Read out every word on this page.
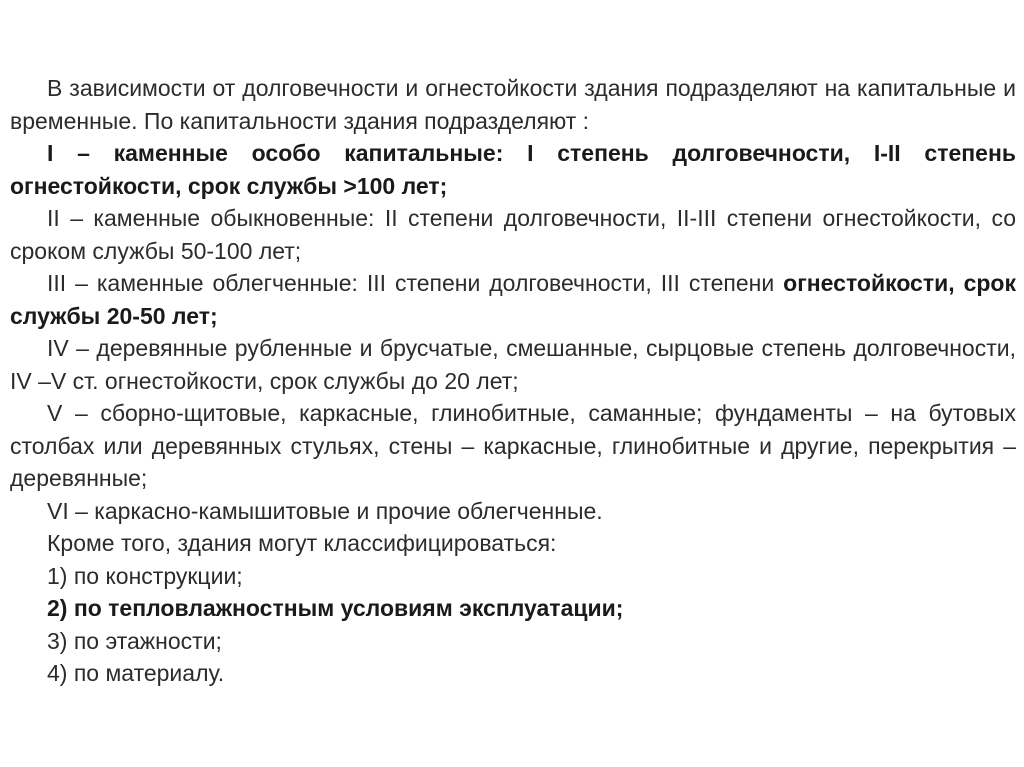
В зависимости от долговечности и огнестойкости здания подразделяют на капитальные и временные. По капитальности здания подразделяют :

I – каменные особо капитальные: I степень долговечности, I-II степень огнестойкости, срок службы >100 лет;

II – каменные обыкновенные: II степени долговечности, II-III степени огнестойкости, со сроком службы 50-100 лет;

III – каменные облегченные: III степени долговечности, III степени огнестойкости, срок службы 20-50 лет;

IV – деревянные рубленные и брусчатые, смешанные, сырцовые степень долговечности, IV –V ст. огнестойкости, срок службы до 20 лет;

V – сборно-щитовые, каркасные, глинобитные, саманные; фундаменты – на бутовых столбах или деревянных стульях, стены – каркасные, глинобитные и другие, перекрытия – деревянные;

VI – каркасно-камышитовые и прочие облегченные.

Кроме того, здания могут классифицироваться:

1) по конструкции;

2) по тепловлажностным условиям эксплуатации;

3) по этажности;

4) по материалу.
